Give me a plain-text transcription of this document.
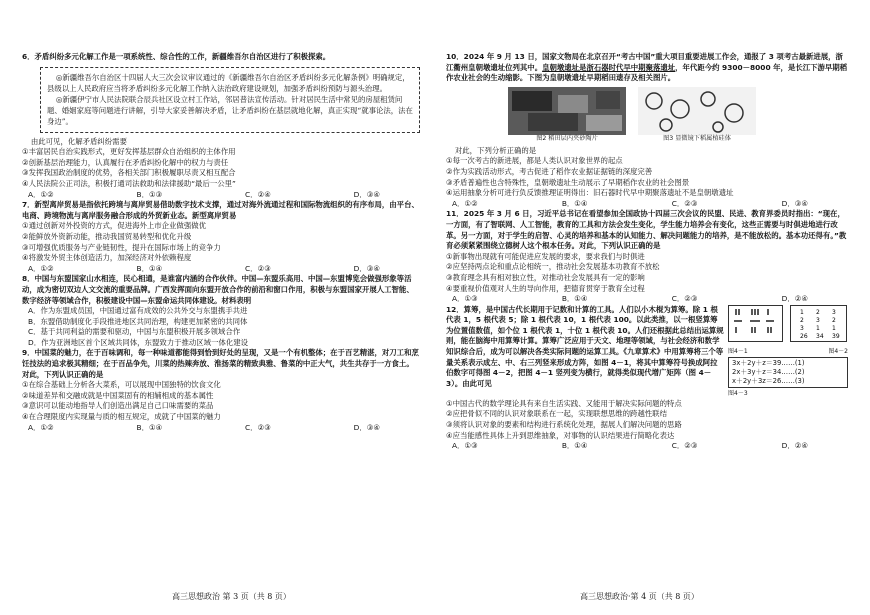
6．矛盾纠纷多元化解工作是一项系统性、综合性的工作，新疆维吾尔自治区进行了积极探索。

◎新疆维吾尔自治区十四届人大三次会议审议通过的《新疆维吾尔自治区矛盾纠纷多元化解条例》明确规定，县级以上人民政府应当将矛盾纠纷多元化解工作纳入法治政府建设规划，加强矛盾纠纷预防与源头治理。

◎新疆伊宁市人民法院联合辰兵社区设立村工作站，邻居普法宣传活动。针对居民生活中常见的房屋租赁问题、婚姻家庭等问题进行讲解，引导大家妥善解决矛盾，让矛盾纠纷在基层就地化解，真正实现“就事论法，法在身边”。

由此可见，化解矛盾纠纷需要

①丰富居民自治实践形式，更好发挥基层群众自治组织的主体作用

②创新基层治理能力，认真履行在矛盾纠纷化解中的权力与责任

③发挥我国政治制度的优势，各相关部门积极履职尽责又相互配合

④人民法院公正司法，积极打通司法救助和法律援助“最后一公里”

A．①②	B．①③	C．②④	D．③④

7．新型离岸贸易是指依托跨境与离岸贸易借助数字技术支撑，通过对海外流通过程和国际物流组织的有序布局，由平台、电商、跨境物流与离岸服务融合形成的外贸新业态。新型离岸贸易

①通过创新对外投资的方式，促进海外上市企业做强做优

②能鲜放外资新动能，推动我国贸易转型和优化升级

③可增强优质服务与产业链韧性，提升在国际市场上的竞争力

④将激发外贸主体创造活力，加深经济对外依赖程度

A．①②	B．①④	C．②③	D．③④

8．中国与东盟国家山水相连，民心相通，是谁富内涵的合作伙伴。中国—东盟乐高用、中国—东盟博览会做强形象等活动，成为密切双边人文交流的重要品牌。广西发挥面向东盟开放合作的前沿和窗口作用，积极与东盟国家开展人工智能、数字经济等领域合作，积极建设中国—东盟命运共同体建设。材料表明

A．作为东盟成员国，中国通过富有成效的公共外交与东盟携手共进

B．东盟借助制度化手段推进地区共同治理，构建更加紧密的共同体

C．基于共同利益的需要和驱动，中国与东盟积极开展多领域合作

D．作为亚洲地区首个区域共同体，东盟致力于推动区域一体化建设

9．中国菜的魅力，在于百味调和，每一种味道都能得到恰到好处的呈现，又是一个有机整体；在于百艺精湛，对刀工和烹饪技法的追求极其精细；在于百品争先，川菜的热辣奔放、淮扬菜的精致典雅、鲁菜的中正大气，共生共存于一方食土。对此，下列认识正确的是

①在综合基础上分析各大菜系，可以展现中国独特的饮食文化

②味道差异和交融成就是中国菜固有的相辅相成的基本属性

③意识可以能动地指导人们创造出满足自己口味需要的菜品

④在合理限度内实现量与质的相互规定，成就了中国菜的魅力

A．①②	B．①④	C．②③	D．③④

10．2024 年 9 月 13 日，国家文物局在北京召开“考古中国”重大项目重要进展工作会，通报了 3 项考古最新进展，浙江衢州皇朝墩遗址位列其中。皇朝墩遗址是浙石器时代早中期聚落遗址，年代距今约 9300－8000 年，是长江下游早期稻作农业社会的生动缩影。下图为皇朝墩遗址早期稻田遗存及相关图片。

图2 稻田层内夹砂陶片	图3 显微镜下稻属植硅体

对此，下列分析正确的是

①每一次考古的新进展，都是人类认识对象世界的起点

②作为实践活动形式，考古促进了稻作农业据证据链的深度完善

③矛盾普遍性也含特殊性，皇朝墩遗址生动展示了早期稻作农业的社会图景

④运用抽象分析可进行负反馈推理证明得出：旧石器时代早中期聚落遗址不是皇朝墩遗址

A．①②	B．①④	C．②③	D．③④

11．2025 年 3 月 6 日，习近平总书记在看望参加全国政协十四届三次会议的民盟、民进、教育界委员时指出：“现在，一方面，有了智联网、人工智能，教育的工具和方法会发生变化，学生能力培养会有变化，这些正需要与时俱进地进行改革。另一方面，对于学生的启智、心灵的培养和基本的认知能力、解决问题能力的培养，是不能放松的。基本功还得有。”教育必须紧紧围绕立德树人这个根本任务。对此，下列认识正确的是

①新事物出现就有可能促进应发展的要求，要求我们与时俱进

②应坚持两点论和重点论相统一，推动社会发展基本功教育不放松

③教育理念具有相对独立性，对推动社会发展具有一定的影响

④要重视价值观对人生的导向作用，把德育贯穿于教育全过程

A．①③	B．①④	C．②③	D．②④

12．算筹，是中国古代长期用于记数和计算的工具。人们以小木棍为算筹。除 1 根代表 1，5 根代表 5；除 1 根代表 10，1 根代表 100。以此类推，以一根竖算筹为位置值数值，如个位 1 根代表 1，十位 1 根代表 10。人们还根据此总结出运算规则，能在脑海中用算筹计算。算筹广泛应用于天文、地理等领域，与社会经济和数学知识综合后，成为可以解决各类实际问题的运算工具。《九章算术》中用算筹将三个等量关系表示成左、中、右三列竖来形成方阵，如图 4－1，将其中算筹符号换成阿拉伯数字可得图 4－2，把图 4－1 竖列变为横行，就得类似现代增广矩阵（图 4－3）。由此可见

1 2 3
2 3 2
3 1 1
26 34 39
图4－1	图4－2
3x＋2y＋z＝39……(1)
2x＋3y＋z＝34……(2)
x＋2y＋3z＝26……(3)
图4－3

①中国古代的数学理论具有来自生活实践、又能用于解决实际问题的特点

②应把骨似不同的认识对象联系在一起，实现联想思维的跨越性联结

③须将认识对象的要素和结构进行系统化处理，据展人们解决问题的思路

④应当能感性具体上升到思维抽象，对事物的认识结果进行简略化表达

A．①③	B．①④	C．②③	D．②④
高三思想政治 第 3 页（共 8 页）	高三思想政治·第 4 页（共 8 页）
